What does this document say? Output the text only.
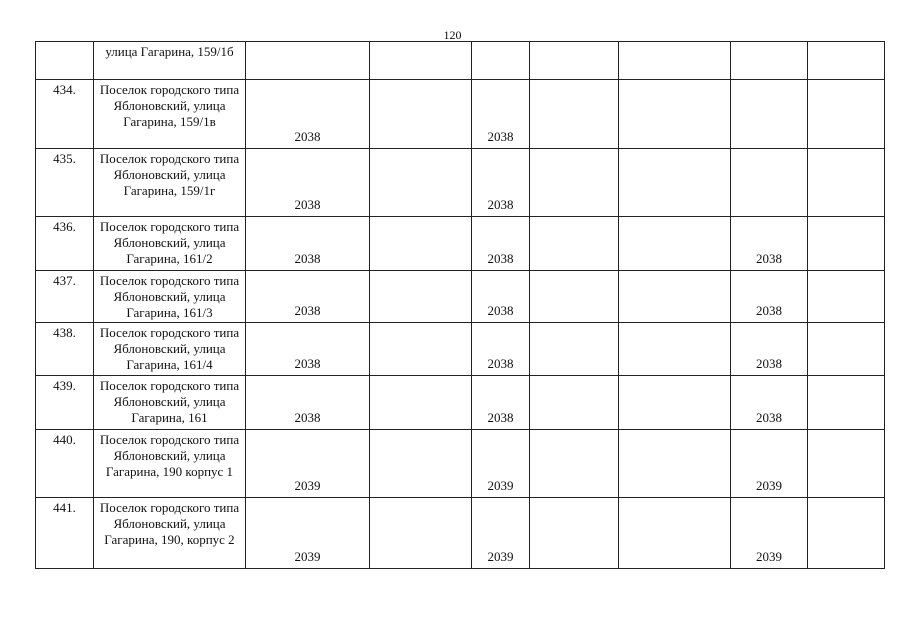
120
	улица Гагарина, 159/1б							
434.	Поселок городского типа Яблоновский, улица Гагарина, 159/1в	2038		2038				
435.	Поселок городского типа Яблоновский, улица Гагарина, 159/1г	2038		2038				
436.	Поселок городского типа Яблоновский, улица Гагарина, 161/2	2038		2038			2038	
437.	Поселок городского типа Яблоновский, улица Гагарина, 161/3	2038		2038			2038	
438.	Поселок городского типа Яблоновский, улица Гагарина, 161/4	2038		2038			2038	
439.	Поселок городского типа Яблоновский, улица Гагарина, 161	2038		2038			2038	
440.	Поселок городского типа Яблоновский, улица Гагарина, 190 корпус 1	2039		2039			2039	
441.	Поселок городского типа Яблоновский, улица Гагарина, 190, корпус 2	2039		2039			2039	
